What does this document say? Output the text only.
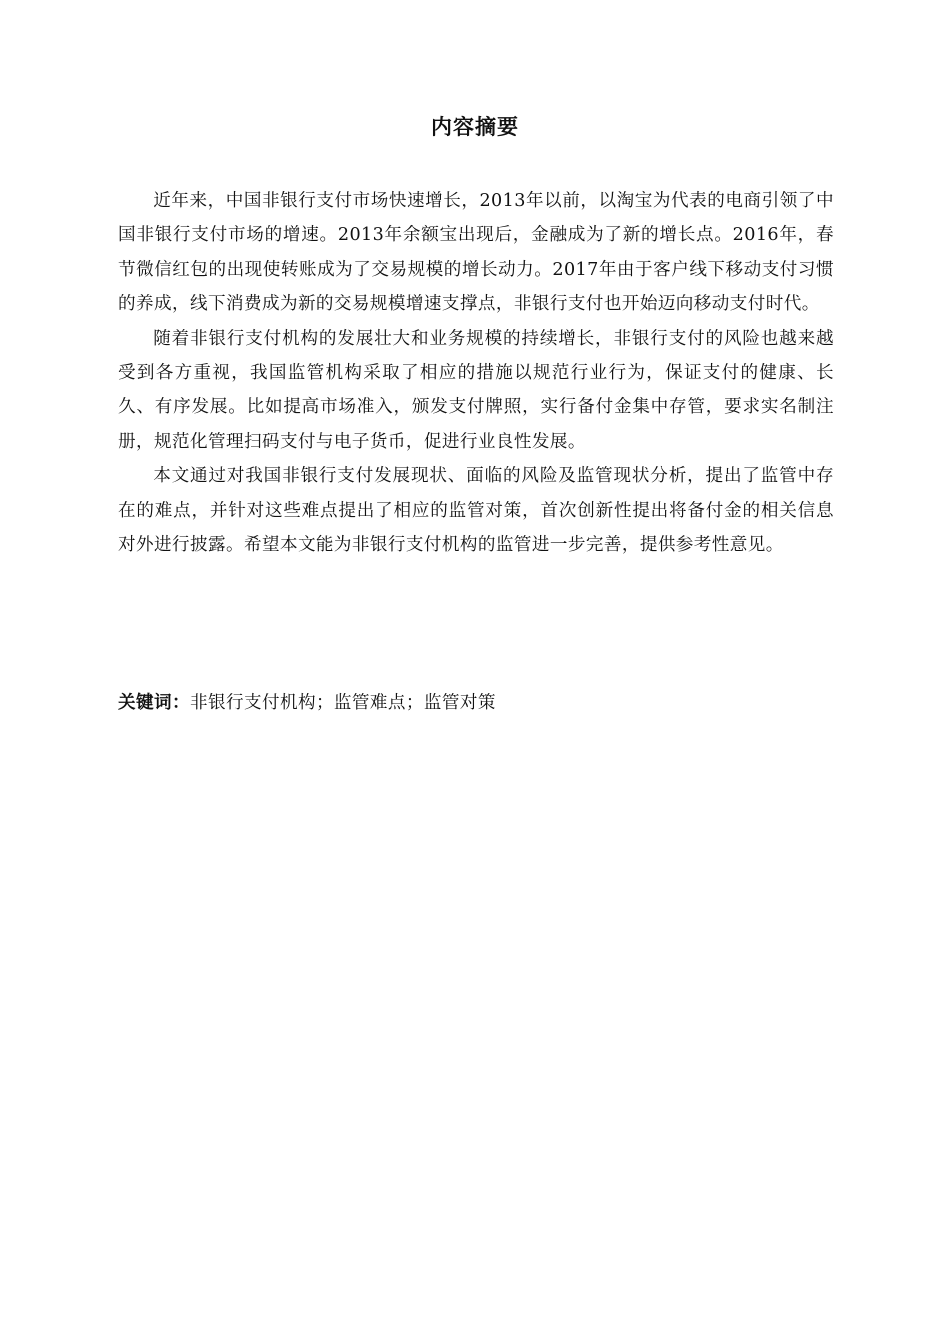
内容摘要

近年来，中国非银行支付市场快速增长，2013年以前，以淘宝为代表的电商引领了中国非银行支付市场的增速。2013年余额宝出现后，金融成为了新的增长点。2016年，春节微信红包的出现使转账成为了交易规模的增长动力。2017年由于客户线下移动支付习惯的养成，线下消费成为新的交易规模增速支撑点，非银行支付也开始迈向移动支付时代。

随着非银行支付机构的发展壮大和业务规模的持续增长，非银行支付的风险也越来越受到各方重视，我国监管机构采取了相应的措施以规范行业行为，保证支付的健康、长久、有序发展。比如提高市场准入，颁发支付牌照，实行备付金集中存管，要求实名制注册，规范化管理扫码支付与电子货币，促进行业良性发展。

本文通过对我国非银行支付发展现状、面临的风险及监管现状分析，提出了监管中存在的难点，并针对这些难点提出了相应的监管对策，首次创新性提出将备付金的相关信息对外进行披露。希望本文能为非银行支付机构的监管进一步完善，提供参考性意见。

关键词：非银行支付机构；监管难点；监管对策
